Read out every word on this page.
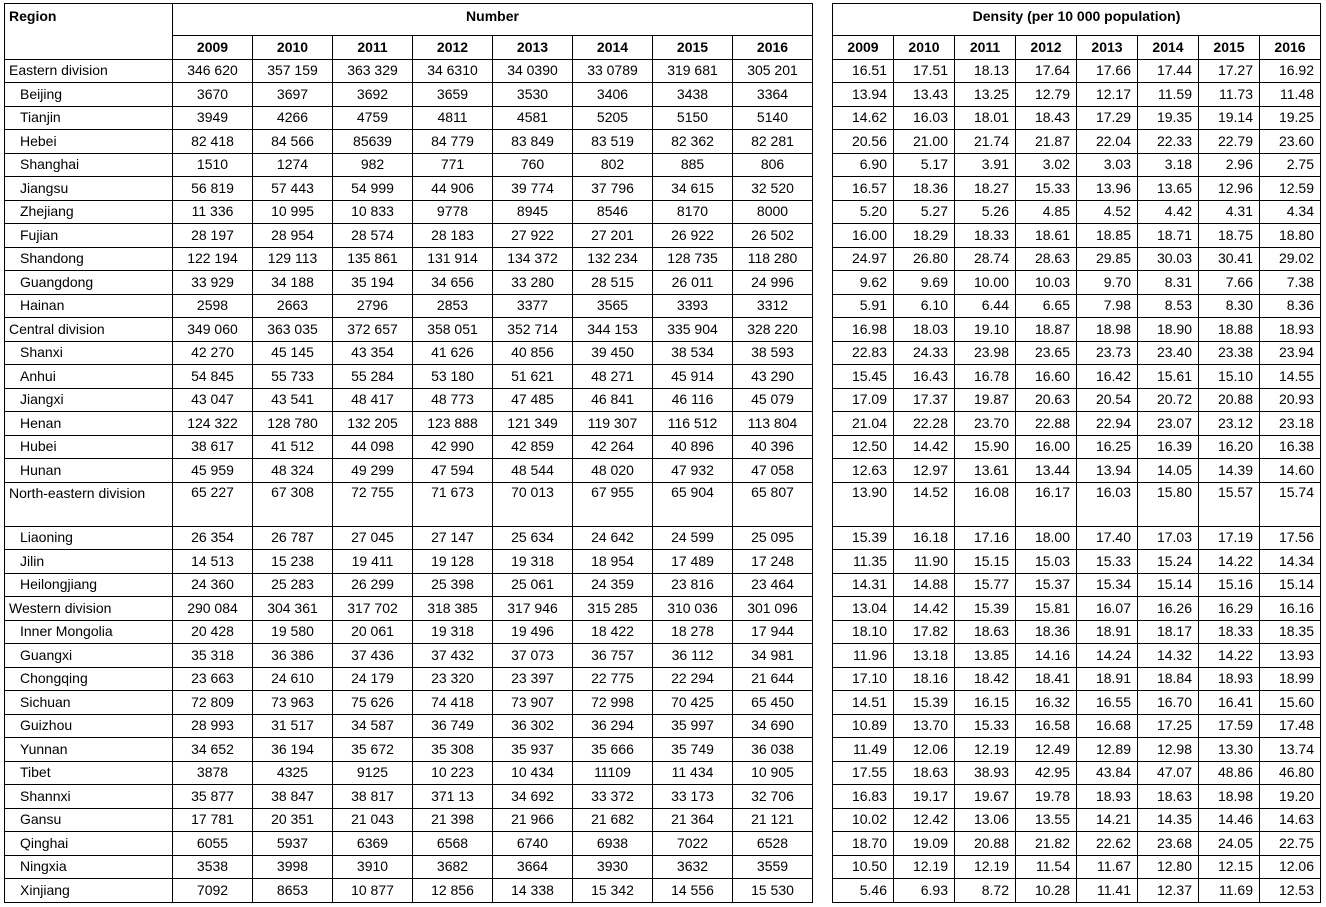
Region	Number									Density (per 10 000 population)							
	2009	2010	2011	2012	2013	2014	2015	2016		2009	2010	2011	2012	2013	2014	2015	2016
Eastern division	346 620	357 159	363 329	34 6310	34 0390	33 0789	319 681	305 201		16.51	17.51	18.13	17.64	17.66	17.44	17.27	16.92
Beijing	3670	3697	3692	3659	3530	3406	3438	3364		13.94	13.43	13.25	12.79	12.17	11.59	11.73	11.48
Tianjin	3949	4266	4759	4811	4581	5205	5150	5140		14.62	16.03	18.01	18.43	17.29	19.35	19.14	19.25
Hebei	82 418	84 566	85639	84 779	83 849	83 519	82 362	82 281		20.56	21.00	21.74	21.87	22.04	22.33	22.79	23.60
Shanghai	1510	1274	982	771	760	802	885	806		6.90	5.17	3.91	3.02	3.03	3.18	2.96	2.75
Jiangsu	56 819	57 443	54 999	44 906	39 774	37 796	34 615	32 520		16.57	18.36	18.27	15.33	13.96	13.65	12.96	12.59
Zhejiang	11 336	10 995	10 833	9778	8945	8546	8170	8000		5.20	5.27	5.26	4.85	4.52	4.42	4.31	4.34
Fujian	28 197	28 954	28 574	28 183	27 922	27 201	26 922	26 502		16.00	18.29	18.33	18.61	18.85	18.71	18.75	18.80
Shandong	122 194	129 113	135 861	131 914	134 372	132 234	128 735	118 280		24.97	26.80	28.74	28.63	29.85	30.03	30.41	29.02
Guangdong	33 929	34 188	35 194	34 656	33 280	28 515	26 011	24 996		9.62	9.69	10.00	10.03	9.70	8.31	7.66	7.38
Hainan	2598	2663	2796	2853	3377	3565	3393	3312		5.91	6.10	6.44	6.65	7.98	8.53	8.30	8.36
Central division	349 060	363 035	372 657	358 051	352 714	344 153	335 904	328 220		16.98	18.03	19.10	18.87	18.98	18.90	18.88	18.93
Shanxi	42 270	45 145	43 354	41 626	40 856	39 450	38 534	38 593		22.83	24.33	23.98	23.65	23.73	23.40	23.38	23.94
Anhui	54 845	55 733	55 284	53 180	51 621	48 271	45 914	43 290		15.45	16.43	16.78	16.60	16.42	15.61	15.10	14.55
Jiangxi	43 047	43 541	48 417	48 773	47 485	46 841	46 116	45 079		17.09	17.37	19.87	20.63	20.54	20.72	20.88	20.93
Henan	124 322	128 780	132 205	123 888	121 349	119 307	116 512	113 804		21.04	22.28	23.70	22.88	22.94	23.07	23.12	23.18
Hubei	38 617	41 512	44 098	42 990	42 859	42 264	40 896	40 396		12.50	14.42	15.90	16.00	16.25	16.39	16.20	16.38
Hunan	45 959	48 324	49 299	47 594	48 544	48 020	47 932	47 058		12.63	12.97	13.61	13.44	13.94	14.05	14.39	14.60
North-eastern division	65 227	67 308	72 755	71 673	70 013	67 955	65 904	65 807		13.90	14.52	16.08	16.17	16.03	15.80	15.57	15.74
Liaoning	26 354	26 787	27 045	27 147	25 634	24 642	24 599	25 095		15.39	16.18	17.16	18.00	17.40	17.03	17.19	17.56
Jilin	14 513	15 238	19 411	19 128	19 318	18 954	17 489	17 248		11.35	11.90	15.15	15.03	15.33	15.24	14.22	14.34
Heilongjiang	24 360	25 283	26 299	25 398	25 061	24 359	23 816	23 464		14.31	14.88	15.77	15.37	15.34	15.14	15.16	15.14
Western division	290 084	304 361	317 702	318 385	317 946	315 285	310 036	301 096		13.04	14.42	15.39	15.81	16.07	16.26	16.29	16.16
Inner Mongolia	20 428	19 580	20 061	19 318	19 496	18 422	18 278	17 944		18.10	17.82	18.63	18.36	18.91	18.17	18.33	18.35
Guangxi	35 318	36 386	37 436	37 432	37 073	36 757	36 112	34 981		11.96	13.18	13.85	14.16	14.24	14.32	14.22	13.93
Chongqing	23 663	24 610	24 179	23 320	23 397	22 775	22 294	21 644		17.10	18.16	18.42	18.41	18.91	18.84	18.93	18.99
Sichuan	72 809	73 963	75 626	74 418	73 907	72 998	70 425	65 450		14.51	15.39	16.15	16.32	16.55	16.70	16.41	15.60
Guizhou	28 993	31 517	34 587	36 749	36 302	36 294	35 997	34 690		10.89	13.70	15.33	16.58	16.68	17.25	17.59	17.48
Yunnan	34 652	36 194	35 672	35 308	35 937	35 666	35 749	36 038		11.49	12.06	12.19	12.49	12.89	12.98	13.30	13.74
Tibet	3878	4325	9125	10 223	10 434	11109	11 434	10 905		17.55	18.63	38.93	42.95	43.84	47.07	48.86	46.80
Shannxi	35 877	38 847	38 817	371 13	34 692	33 372	33 173	32 706		16.83	19.17	19.67	19.78	18.93	18.63	18.98	19.20
Gansu	17 781	20 351	21 043	21 398	21 966	21 682	21 364	21 121		10.02	12.42	13.06	13.55	14.21	14.35	14.46	14.63
Qinghai	6055	5937	6369	6568	6740	6938	7022	6528		18.70	19.09	20.88	21.82	22.62	23.68	24.05	22.75
Ningxia	3538	3998	3910	3682	3664	3930	3632	3559		10.50	12.19	12.19	11.54	11.67	12.80	12.15	12.06
Xinjiang	7092	8653	10 877	12 856	14 338	15 342	14 556	15 530		5.46	6.93	8.72	10.28	11.41	12.37	11.69	12.53
